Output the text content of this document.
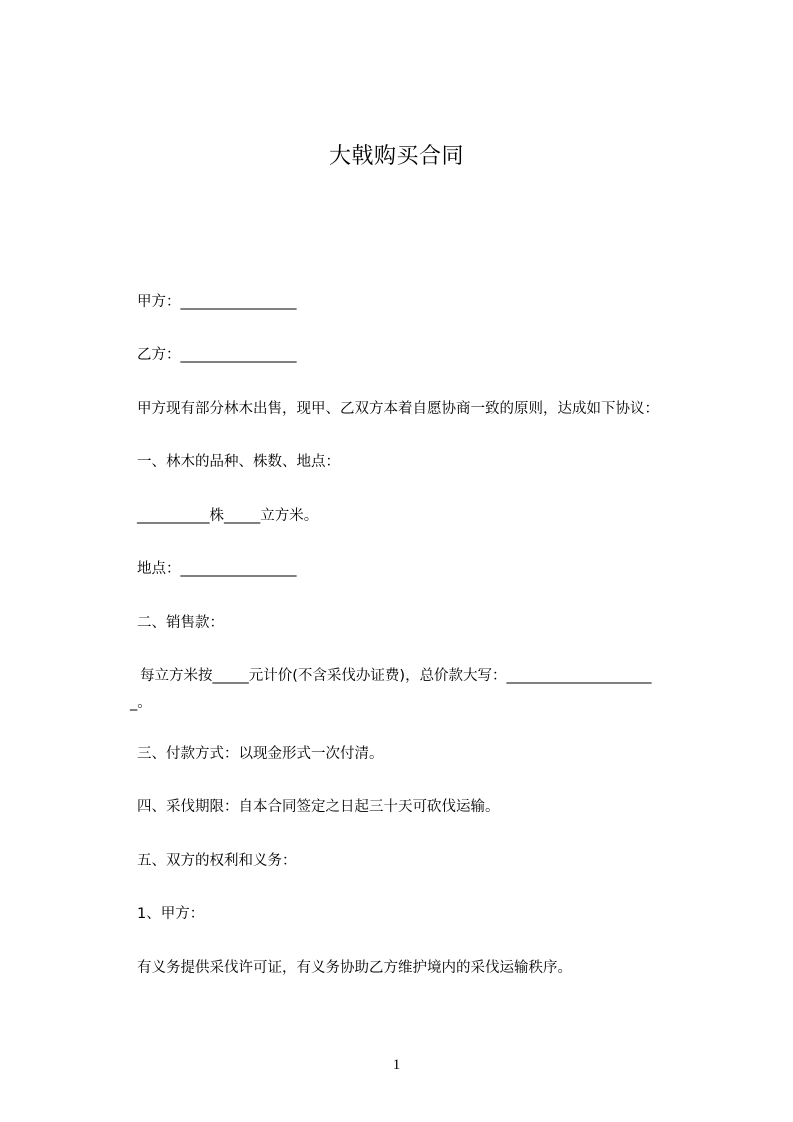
大戟购买合同
甲方：________________
乙方：________________
甲方现有部分林木出售，现甲、乙双方本着自愿协商一致的原则，达成如下协议：
一、林木的品种、株数、地点：
__________株_____立方米。
地点：________________
二、销售款：
每立方米按_____元计价(不含采伐办证费)，总价款大写：____________________
_。
三、付款方式：以现金形式一次付清。
四、采伐期限：自本合同签定之日起三十天可砍伐运输。
五、双方的权利和义务：
1、甲方：
有义务提供采伐许可证，有义务协助乙方维护境内的采伐运输秩序。
1
